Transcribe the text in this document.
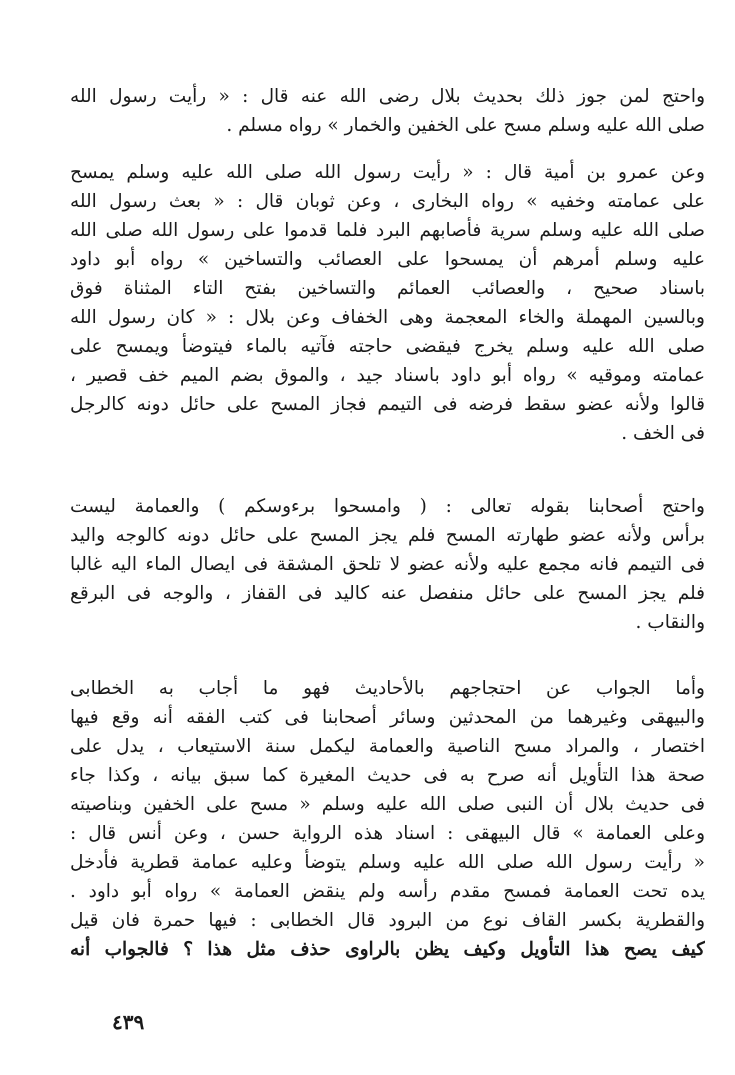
واحتج لمن جوز ذلك بحديث بلال رضى الله عنه قال : « رأيت رسول الله
صلى الله عليه وسلم مسح على الخفين والخمار » رواه مسلم .
وعن عمرو بن أمية قال : « رأيت رسول الله صلى الله عليه وسلم يمسح
على عمامته وخفيه » رواه البخارى ، وعن ثوبان قال : « بعث رسول الله
صلى الله عليه وسلم سرية فأصابهم البرد فلما قدموا على رسول الله صلى الله
عليه وسلم أمرهم أن يمسحوا على العصائب والتساخين » رواه أبو داود
باسناد صحيح ، والعصائب العمائم والتساخين بفتح التاء المثناة فوق
وبالسين المهملة والخاء المعجمة وهى الخفاف وعن بلال : « كان رسول الله
صلى الله عليه وسلم يخرج فيقضى حاجته فآتيه بالماء فيتوضأ ويمسح على
عمامته وموقيه » رواه أبو داود باسناد جيد ، والموق بضم الميم خف قصير ،
قالوا ولأنه عضو سقط فرضه فى التيمم فجاز المسح على حائل دونه كالرجل
فى الخف .
واحتج أصحابنا بقوله تعالى : ( وامسحوا برءوسكم ) والعمامة ليست
برأس ولأنه عضو طهارته المسح فلم يجز المسح على حائل دونه كالوجه واليد
فى التيمم فانه مجمع عليه ولأنه عضو لا تلحق المشقة فى ايصال الماء اليه غالبا
فلم يجز المسح على حائل منفصل عنه كاليد فى القفاز ، والوجه فى البرقع
والنقاب .
وأما الجواب عن احتجاجهم بالأحاديث فهو ما أجاب به الخطابى
والبيهقى وغيرهما من المحدثين وسائر أصحابنا فى كتب الفقه أنه وقع فيها
اختصار ، والمراد مسح الناصية والعمامة ليكمل سنة الاستيعاب ، يدل على
صحة هذا التأويل أنه صرح به فى حديث المغيرة كما سبق بيانه ، وكذا جاء
فى حديث بلال أن النبى صلى الله عليه وسلم « مسح على الخفين وبناصيته
وعلى العمامة » قال البيهقى : اسناد هذه الرواية حسن ، وعن أنس قال :
« رأيت رسول الله صلى الله عليه وسلم يتوضأ وعليه عمامة قطرية فأدخل
يده تحت العمامة فمسح مقدم رأسه ولم ينقض العمامة » رواه أبو داود .
والقطرية بكسر القاف نوع من البرود قال الخطابى : فيها حمرة فان قيل
كيف يصح هذا التأويل وكيف يظن بالراوى حذف مثل هذا ؟ فالجواب أنه
٤٣٩
